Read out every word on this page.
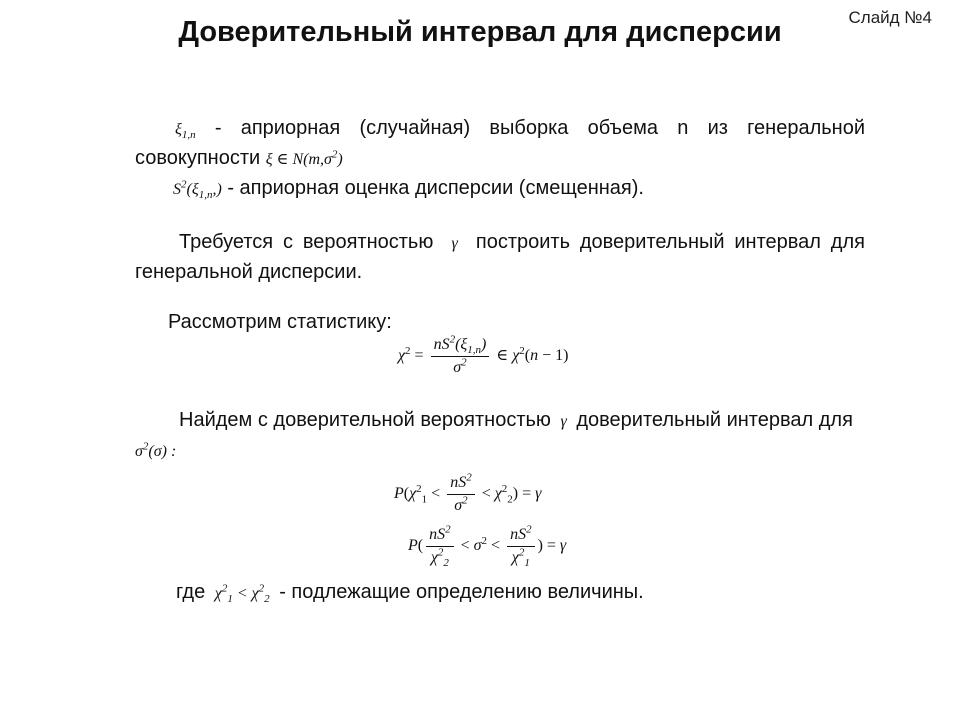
Слайд №4
Доверительный интервал для дисперсии
$\xi_{1,n}$ - априорная (случайная) выборка объема n из генеральной совокупности ξ ∈ $N(m,\sigma^2)$
$S^2(\xi_{1,n},)$ - априорная оценка дисперсии (смещенная).
Требуется с вероятностью  γ  построить доверительный интервал для генеральной дисперсии.
Рассмотрим статистику:
$\chi^2 = \frac{nS^2(\xi_{1,n})}{\sigma^2}$ ∈ $\chi^2(n - 1)$
Найдем с доверительной вероятностью  γ  доверительный интервал для
$\sigma^2(\sigma)$ :
$P(\chi^2_1 < \frac{nS^2}{\sigma^2} < \chi^2_2) = \gamma$
$P( \frac{nS^2}{\chi^2_2} < \sigma^2 < \frac{nS^2}{\chi^2_1}$ ) = γ
где  $\chi^2_1 < \chi^2_2$ - подлежащие определению величины.
